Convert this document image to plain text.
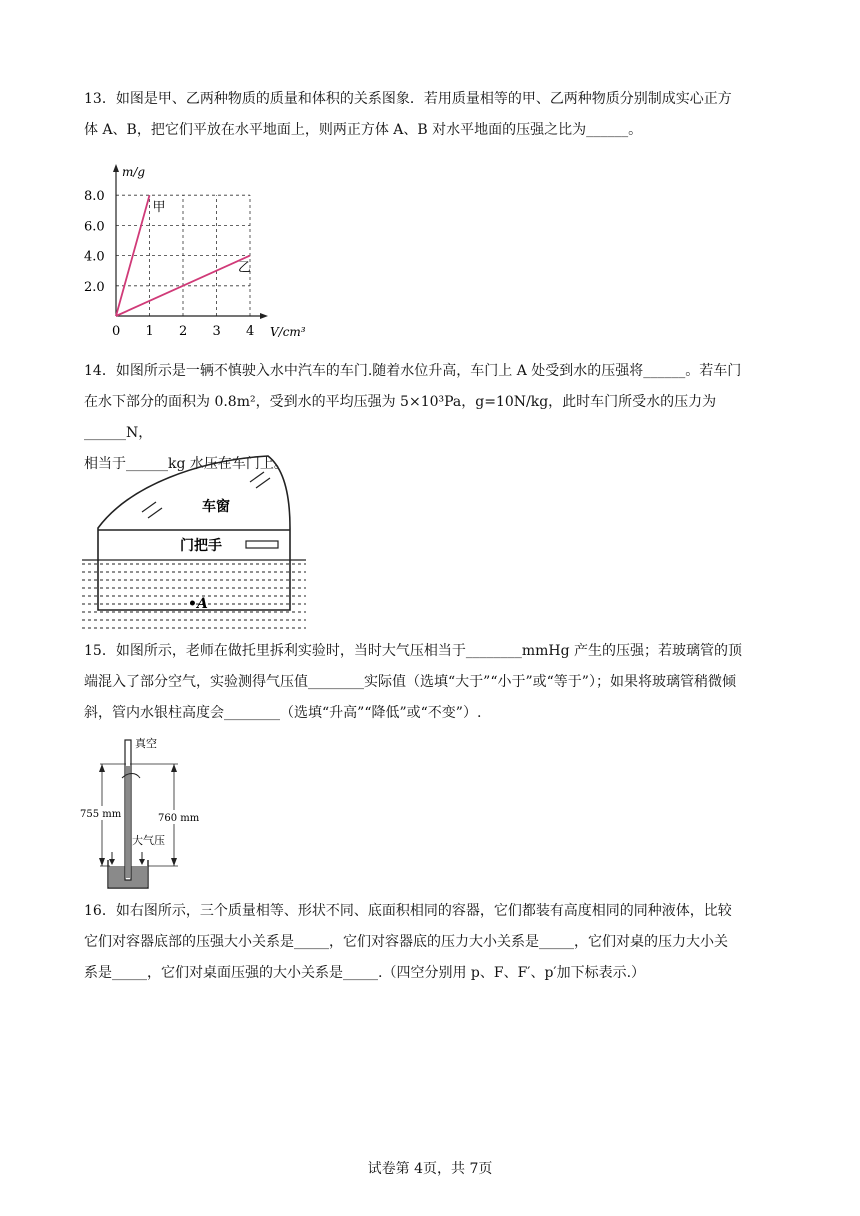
13．如图是甲、乙两种物质的质量和体积的关系图象．若用质量相等的甲、乙两种物质分别制成实心正方
体 A、B，把它们平放在水平地面上，则两正方体 A、B 对水平地面的压强之比为______。
m/g
V/cm³
0 1 2 3 4
2.0
4.0
6.0
8.0
甲
乙
14．如图所示是一辆不慎驶入水中汽车的车门.随着水位升高，车门上 A 处受到水的压强将______。若车门
在水下部分的面积为 0.8m²，受到水的平均压强为 5×10³Pa，g=10N/kg，此时车门所受水的压力为______N，
相当于______kg 水压在车门上。
车窗
门把手
•A
15．如图所示，老师在做托里拆利实验时，当时大气压相当于________mmHg 产生的压强；若玻璃管的顶
端混入了部分空气，实验测得气压值________实际值（选填“大于”“小于”或“等于”）；如果将玻璃管稍微倾
斜，管内水银柱高度会________（选填“升高”“降低”或“不变”）.
真空
755 mm	760 mm
大气压
16．如右图所示，三个质量相等、形状不同、底面积相同的容器，它们都装有高度相同的同种液体，比较
它们对容器底部的压强大小关系是_____，它们对容器底的压力大小关系是_____，它们对桌的压力大小关
系是_____，它们对桌面压强的大小关系是_____.（四空分别用 p、F、F′、p′加下标表示.）
试卷第 4页，共 7页
